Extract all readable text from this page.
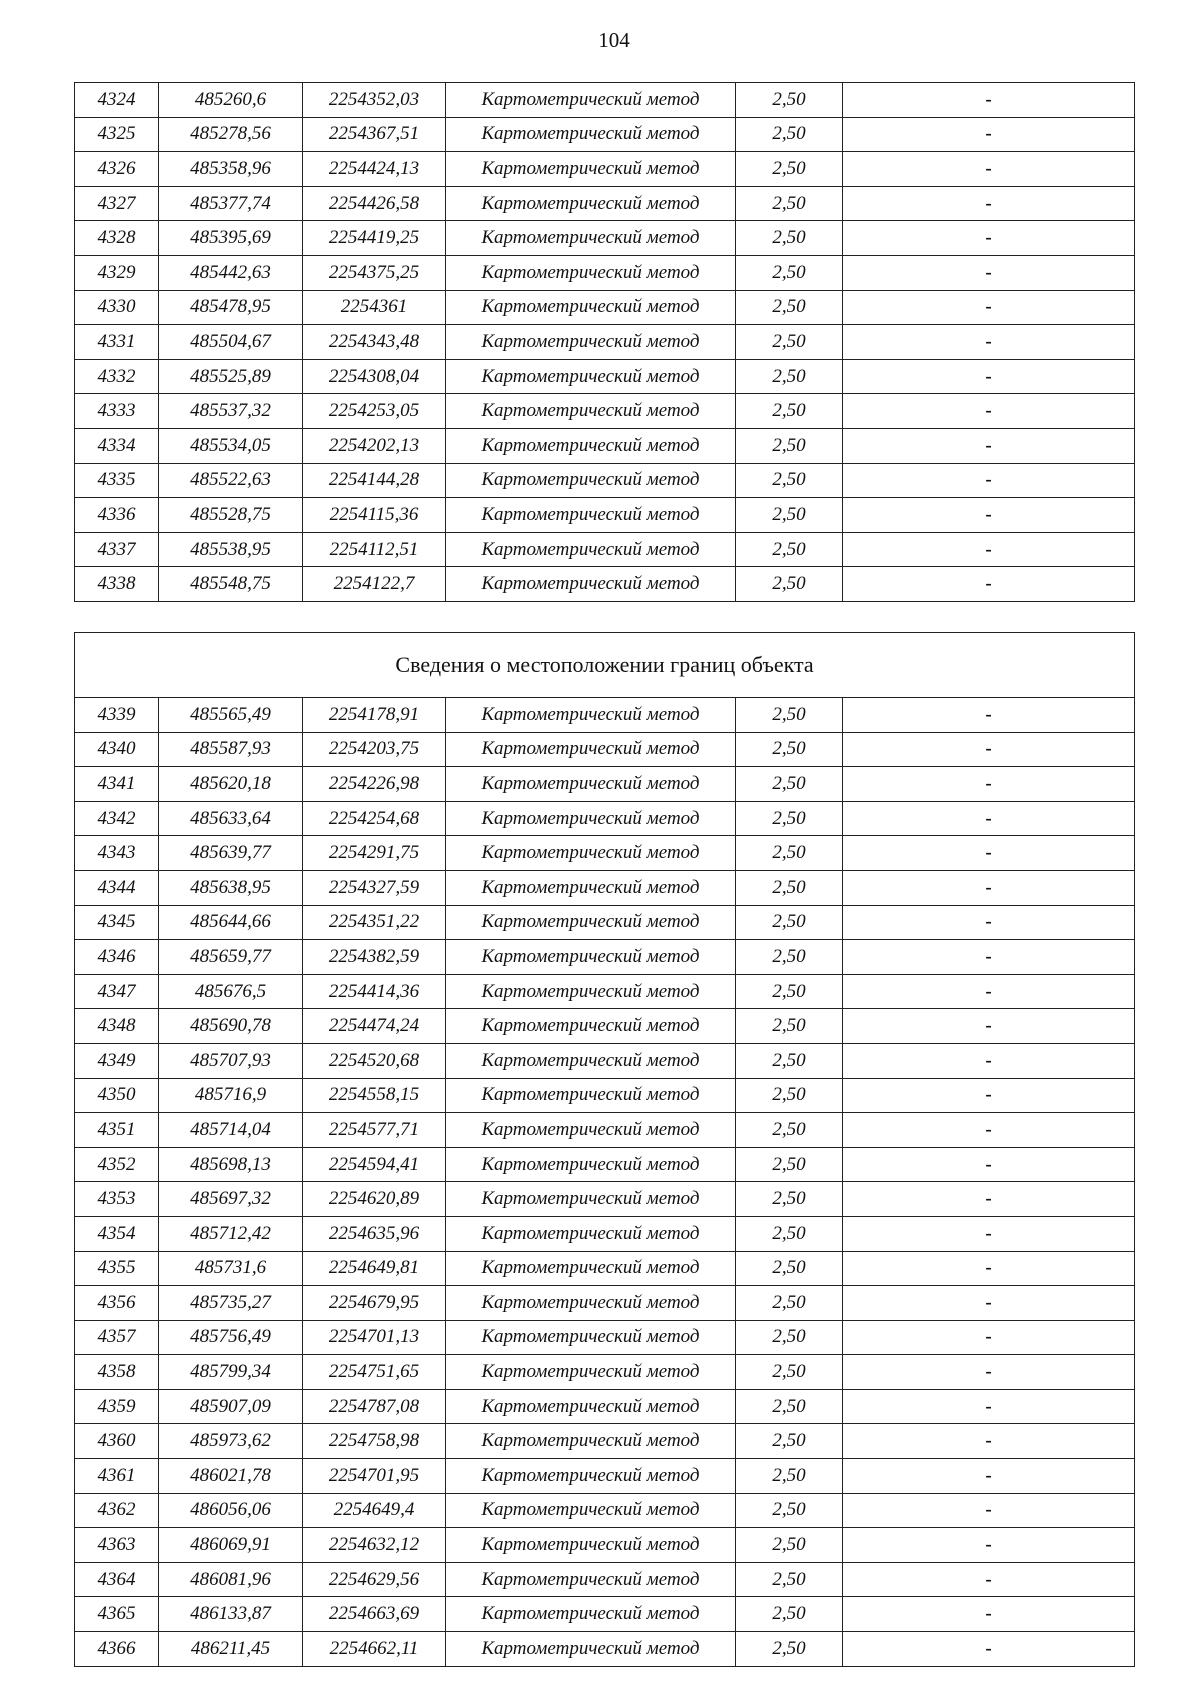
104
4324	485260,6	2254352,03	Картометрический метод	2,50	-
4325	485278,56	2254367,51	Картометрический метод	2,50	-
4326	485358,96	2254424,13	Картометрический метод	2,50	-
4327	485377,74	2254426,58	Картометрический метод	2,50	-
4328	485395,69	2254419,25	Картометрический метод	2,50	-
4329	485442,63	2254375,25	Картометрический метод	2,50	-
4330	485478,95	2254361	Картометрический метод	2,50	-
4331	485504,67	2254343,48	Картометрический метод	2,50	-
4332	485525,89	2254308,04	Картометрический метод	2,50	-
4333	485537,32	2254253,05	Картометрический метод	2,50	-
4334	485534,05	2254202,13	Картометрический метод	2,50	-
4335	485522,63	2254144,28	Картометрический метод	2,50	-
4336	485528,75	2254115,36	Картометрический метод	2,50	-
4337	485538,95	2254112,51	Картометрический метод	2,50	-
4338	485548,75	2254122,7	Картометрический метод	2,50	-
Сведения о местоположении границ объекта					
4339	485565,49	2254178,91	Картометрический метод	2,50	-
4340	485587,93	2254203,75	Картометрический метод	2,50	-
4341	485620,18	2254226,98	Картометрический метод	2,50	-
4342	485633,64	2254254,68	Картометрический метод	2,50	-
4343	485639,77	2254291,75	Картометрический метод	2,50	-
4344	485638,95	2254327,59	Картометрический метод	2,50	-
4345	485644,66	2254351,22	Картометрический метод	2,50	-
4346	485659,77	2254382,59	Картометрический метод	2,50	-
4347	485676,5	2254414,36	Картометрический метод	2,50	-
4348	485690,78	2254474,24	Картометрический метод	2,50	-
4349	485707,93	2254520,68	Картометрический метод	2,50	-
4350	485716,9	2254558,15	Картометрический метод	2,50	-
4351	485714,04	2254577,71	Картометрический метод	2,50	-
4352	485698,13	2254594,41	Картометрический метод	2,50	-
4353	485697,32	2254620,89	Картометрический метод	2,50	-
4354	485712,42	2254635,96	Картометрический метод	2,50	-
4355	485731,6	2254649,81	Картометрический метод	2,50	-
4356	485735,27	2254679,95	Картометрический метод	2,50	-
4357	485756,49	2254701,13	Картометрический метод	2,50	-
4358	485799,34	2254751,65	Картометрический метод	2,50	-
4359	485907,09	2254787,08	Картометрический метод	2,50	-
4360	485973,62	2254758,98	Картометрический метод	2,50	-
4361	486021,78	2254701,95	Картометрический метод	2,50	-
4362	486056,06	2254649,4	Картометрический метод	2,50	-
4363	486069,91	2254632,12	Картометрический метод	2,50	-
4364	486081,96	2254629,56	Картометрический метод	2,50	-
4365	486133,87	2254663,69	Картометрический метод	2,50	-
4366	486211,45	2254662,11	Картометрический метод	2,50	-
